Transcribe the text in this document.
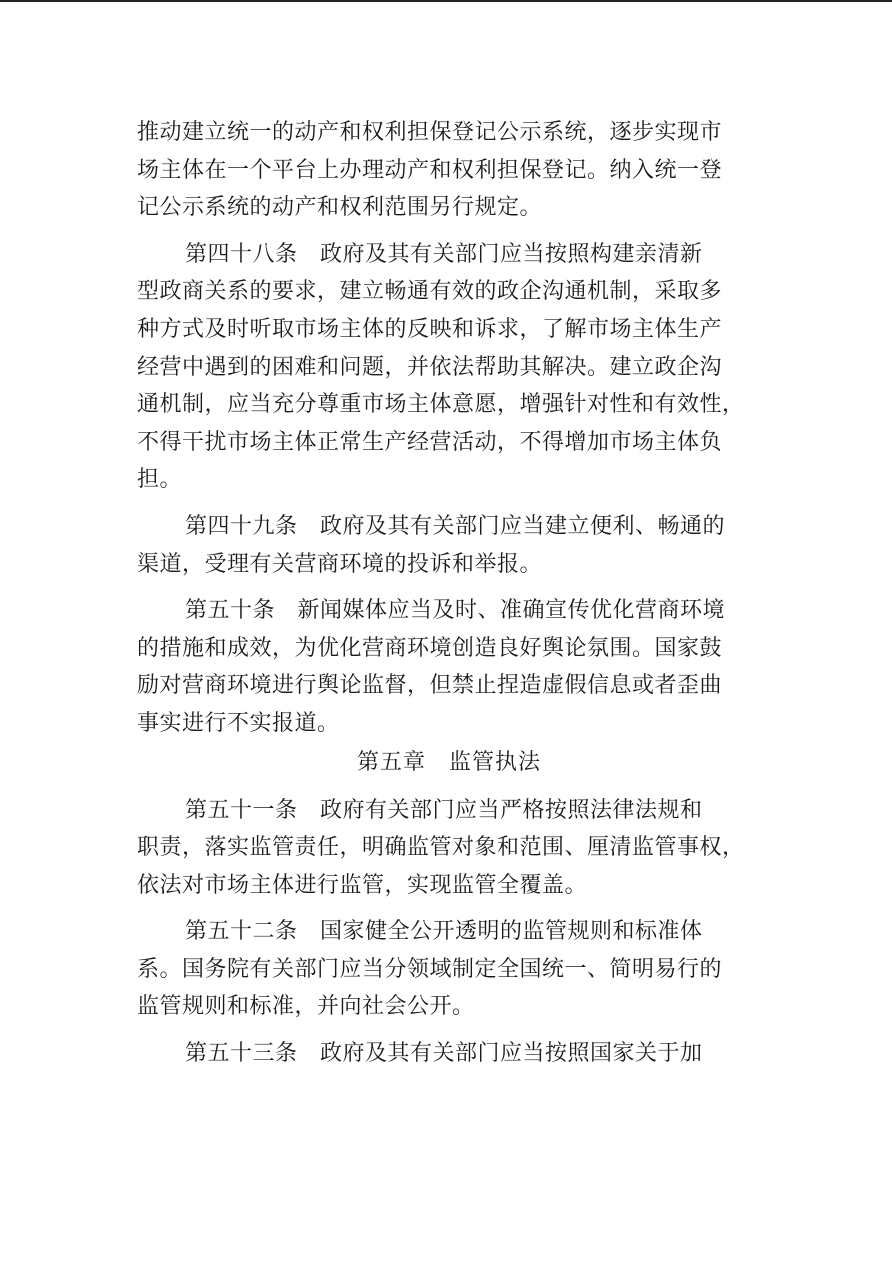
推动建立统一的动产和权利担保登记公示系统，逐步实现市
场主体在一个平台上办理动产和权利担保登记。纳入统一登
记公示系统的动产和权利范围另行规定。
第四十八条　政府及其有关部门应当按照构建亲清新
型政商关系的要求，建立畅通有效的政企沟通机制，采取多
种方式及时听取市场主体的反映和诉求，了解市场主体生产
经营中遇到的困难和问题，并依法帮助其解决。建立政企沟
通机制，应当充分尊重市场主体意愿，增强针对性和有效性，
不得干扰市场主体正常生产经营活动，不得增加市场主体负
担。
第四十九条　政府及其有关部门应当建立便利、畅通的
渠道，受理有关营商环境的投诉和举报。
第五十条　新闻媒体应当及时、准确宣传优化营商环境
的措施和成效，为优化营商环境创造良好舆论氛围。国家鼓
励对营商环境进行舆论监督，但禁止捏造虚假信息或者歪曲
事实进行不实报道。
第五章　监管执法
第五十一条　政府有关部门应当严格按照法律法规和
职责，落实监管责任，明确监管对象和范围、厘清监管事权，
依法对市场主体进行监管，实现监管全覆盖。
第五十二条　国家健全公开透明的监管规则和标准体
系。国务院有关部门应当分领域制定全国统一、简明易行的
监管规则和标准，并向社会公开。
第五十三条　政府及其有关部门应当按照国家关于加
